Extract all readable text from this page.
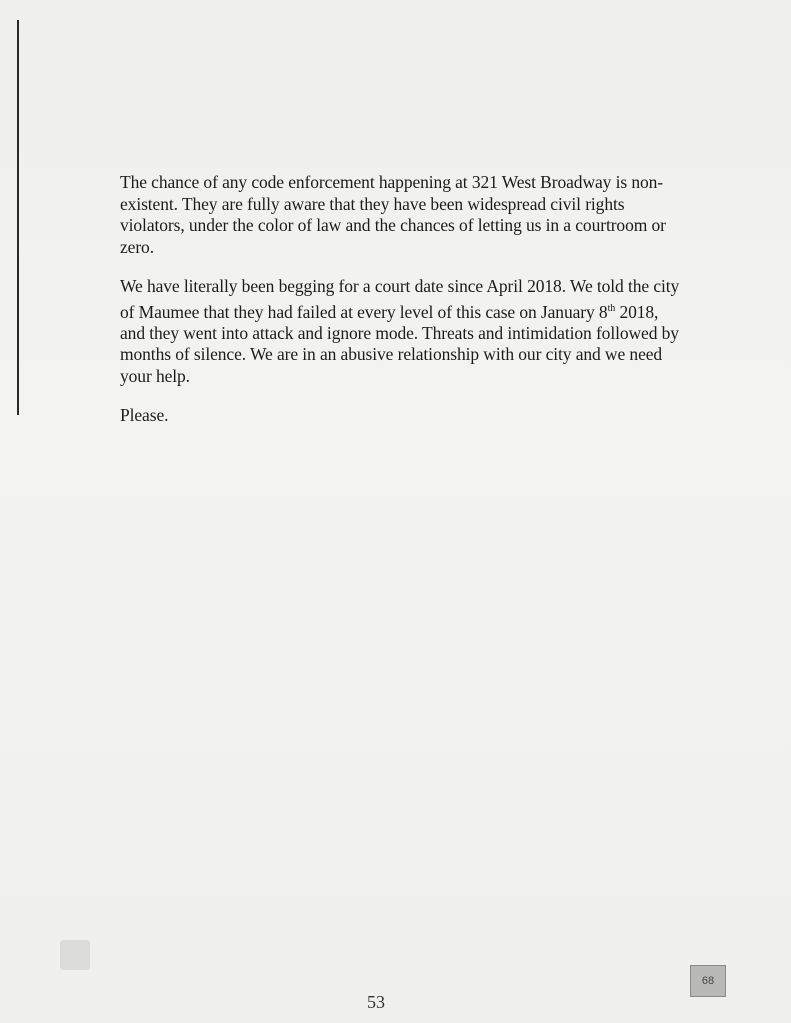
The chance of any code enforcement happening at 321 West Broadway is non-existent. They are fully aware that they have been widespread civil rights violators, under the color of law and the chances of letting us in a courtroom or zero.

We have literally been begging for a court date since April 2018. We told the city of Maumee that they had failed at every level of this case on January 8th 2018, and they went into attack and ignore mode. Threats and intimidation followed by months of silence. We are in an abusive relationship with our city and we need your help.

Please.

68
53
